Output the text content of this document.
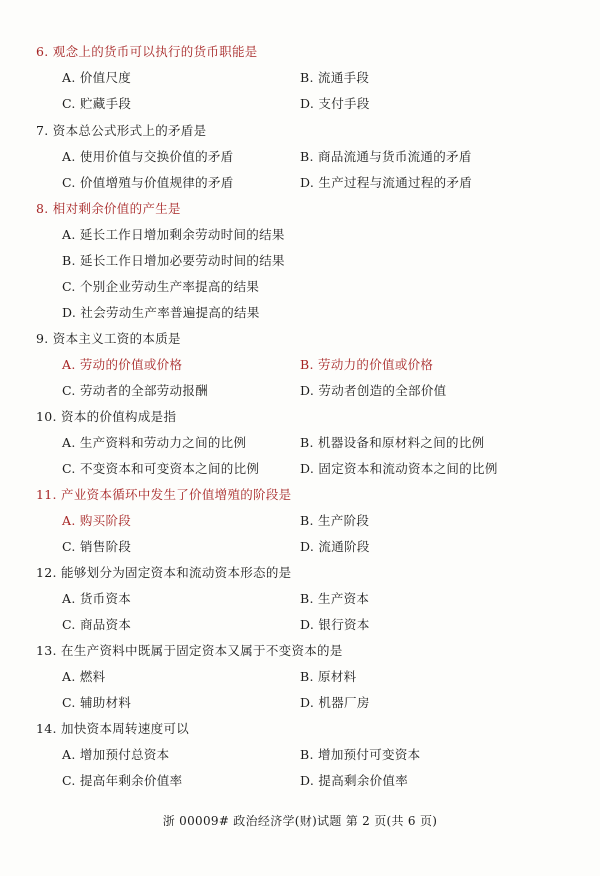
6. 观念上的货币可以执行的货币职能是
A. 价值尺度	B. 流通手段
C. 贮藏手段	D. 支付手段
7. 资本总公式形式上的矛盾是
A. 使用价值与交换价值的矛盾	B. 商品流通与货币流通的矛盾
C. 价值增殖与价值规律的矛盾	D. 生产过程与流通过程的矛盾
8. 相对剩余价值的产生是
A. 延长工作日增加剩余劳动时间的结果
B. 延长工作日增加必要劳动时间的结果
C. 个别企业劳动生产率提高的结果
D. 社会劳动生产率普遍提高的结果
9. 资本主义工资的本质是
A. 劳动的价值或价格	B. 劳动力的价值或价格
C. 劳动者的全部劳动报酬	D. 劳动者创造的全部价值
10. 资本的价值构成是指
A. 生产资料和劳动力之间的比例	B. 机器设备和原材料之间的比例
C. 不变资本和可变资本之间的比例	D. 固定资本和流动资本之间的比例
11. 产业资本循环中发生了价值增殖的阶段是
A. 购买阶段	B. 生产阶段
C. 销售阶段	D. 流通阶段
12. 能够划分为固定资本和流动资本形态的是
A. 货币资本	B. 生产资本
C. 商品资本	D. 银行资本
13. 在生产资料中既属于固定资本又属于不变资本的是
A. 燃料	B. 原材料
C. 辅助材料	D. 机器厂房
14. 加快资本周转速度可以
A. 增加预付总资本	B. 增加预付可变资本
C. 提高年剩余价值率	D. 提高剩余价值率
浙 00009# 政治经济学(财)试题 第 2 页(共 6 页)
